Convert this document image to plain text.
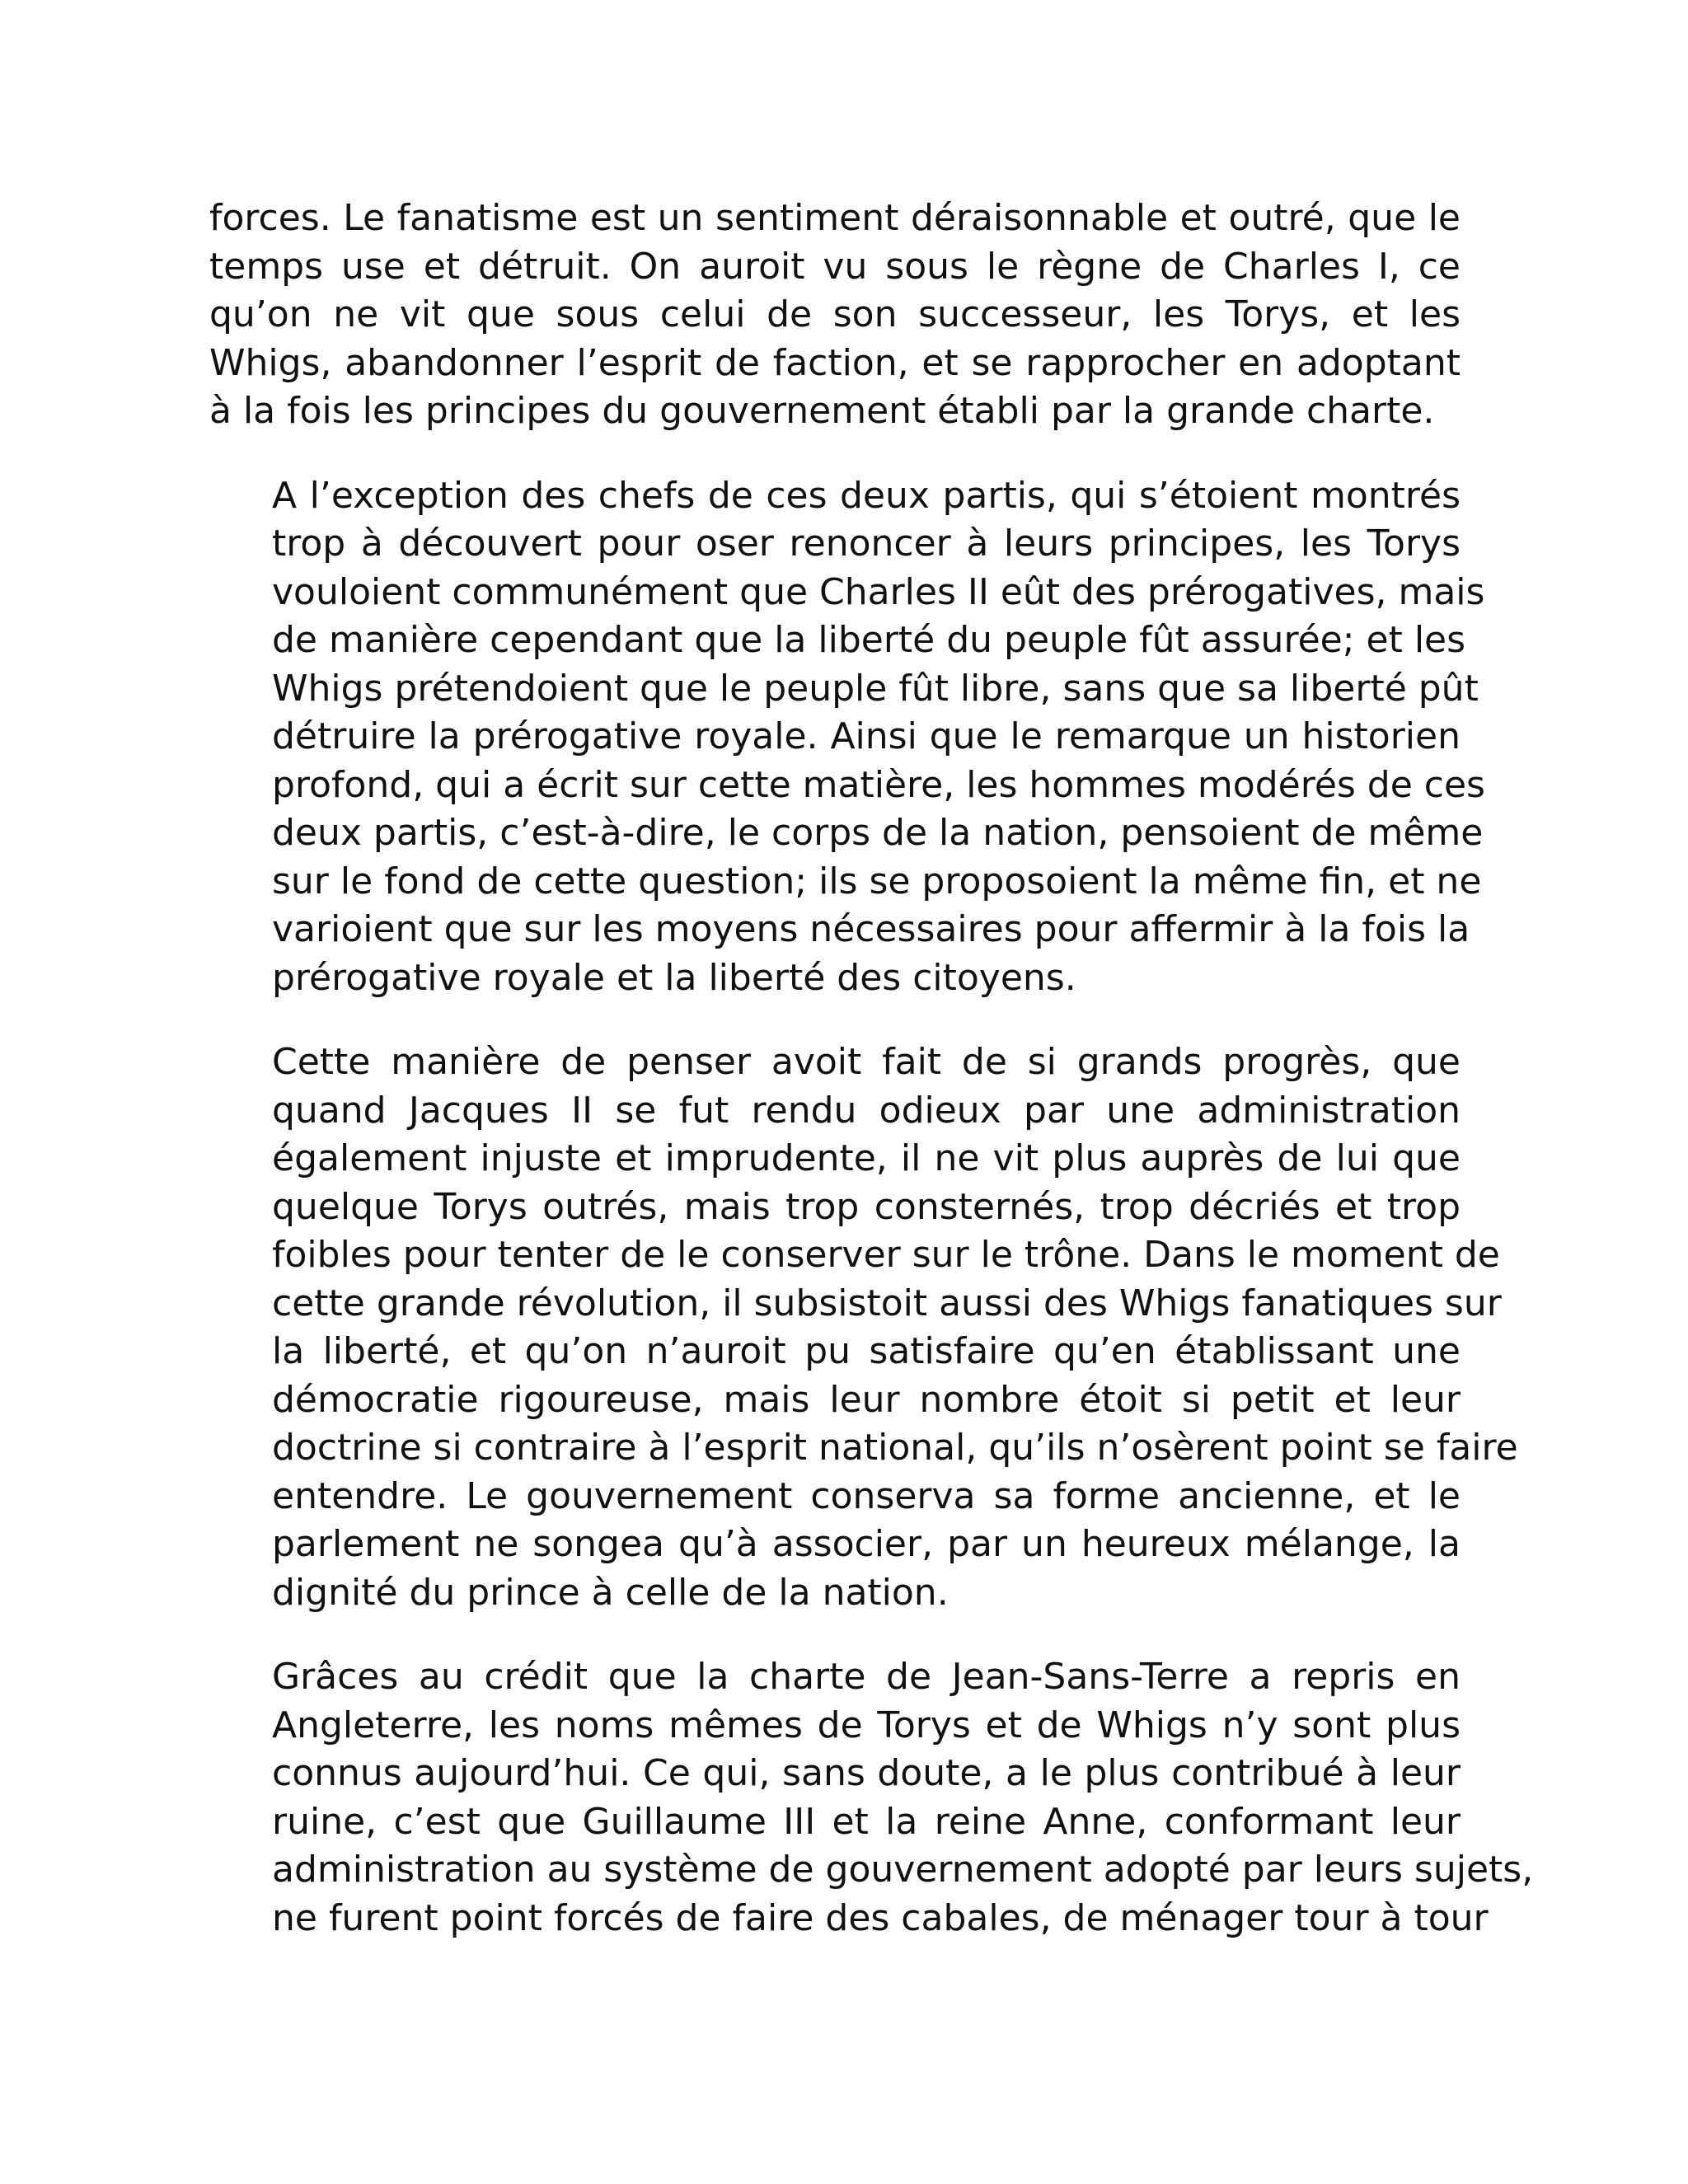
forces. Le fanatisme est un sentiment déraisonnable et outré, que le
temps use et détruit. On auroit vu sous le règne de Charles I, ce
qu’on ne vit que sous celui de son successeur, les Torys, et les
Whigs, abandonner l’esprit de faction, et se rapprocher en adoptant
à la fois les principes du gouvernement établi par la grande charte.

A l’exception des chefs de ces deux partis, qui s’étoient montrés
trop à découvert pour oser renoncer à leurs principes, les Torys
vouloient communément que Charles II eût des prérogatives, mais
de manière cependant que la liberté du peuple fût assurée; et les
Whigs prétendoient que le peuple fût libre, sans que sa liberté pût
détruire la prérogative royale. Ainsi que le remarque un historien
profond, qui a écrit sur cette matière, les hommes modérés de ces
deux partis, c’est-à-dire, le corps de la nation, pensoient de même
sur le fond de cette question; ils se proposoient la même fin, et ne
varioient que sur les moyens nécessaires pour affermir à la fois la
prérogative royale et la liberté des citoyens.

Cette manière de penser avoit fait de si grands progrès, que
quand Jacques II se fut rendu odieux par une administration
également injuste et imprudente, il ne vit plus auprès de lui que
quelque Torys outrés, mais trop consternés, trop décriés et trop
foibles pour tenter de le conserver sur le trône. Dans le moment de
cette grande révolution, il subsistoit aussi des Whigs fanatiques sur
la liberté, et qu’on n’auroit pu satisfaire qu’en établissant une
démocratie rigoureuse, mais leur nombre étoit si petit et leur
doctrine si contraire à l’esprit national, qu’ils n’osèrent point se faire
entendre. Le gouvernement conserva sa forme ancienne, et le
parlement ne songea qu’à associer, par un heureux mélange, la
dignité du prince à celle de la nation.

Grâces au crédit que la charte de Jean-Sans-Terre a repris en
Angleterre, les noms mêmes de Torys et de Whigs n’y sont plus
connus aujourd’hui. Ce qui, sans doute, a le plus contribué à leur
ruine, c’est que Guillaume III et la reine Anne, conformant leur
administration au système de gouvernement adopté par leurs sujets,
ne furent point forcés de faire des cabales, de ménager tour à tour
